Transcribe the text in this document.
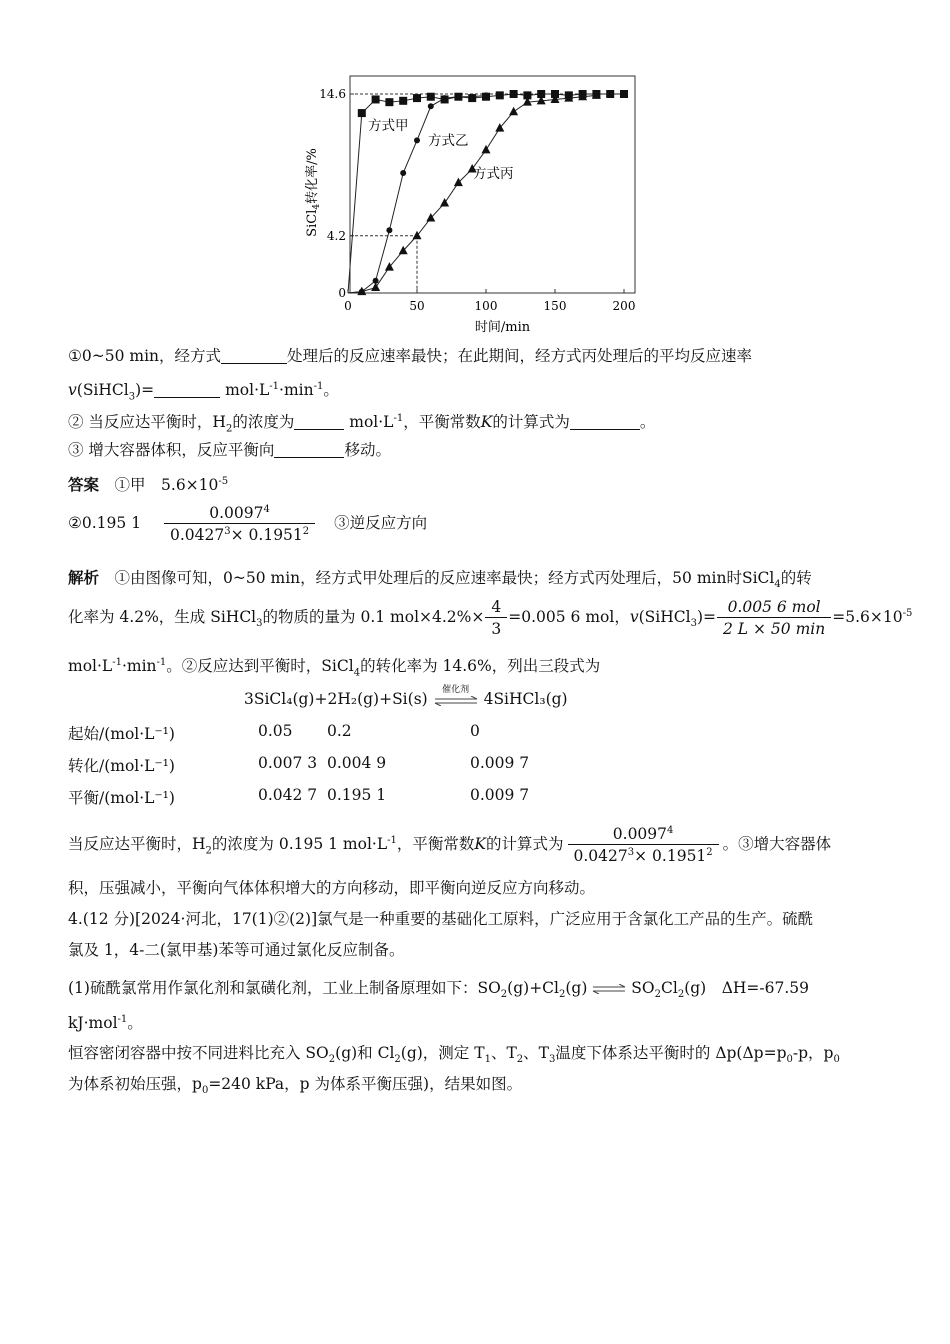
0	50	100	150	200
0
4.2
14.6
时间/min
SiCl$_4$转化率/%
方式甲
方式乙
方式丙
①0~50 min，经方式	处理后的反应速率最快；在此期间，经方式丙处理后的平均反应速率
v(SiHCl$_3$)=	$mol\cdot L^{-1}\cdot\min^{-1}$。
② 当反应达平衡时，$H_2$的浓度为	$mol\cdot L^{-1}$，平衡常数K的计算式为	。
③ 增大容器体积，反应平衡向	移动。
答案　 ①甲　$5.6\times 10^{-5}$
②0.195 $1 \frac{0.0097^4}{0.0427^3\times 0.1951^2}$ ③逆反应方向
解析　 ①由图像可知，0~50 min，经方式甲处理后的反应速率最快；经方式丙处理后，50 min时SiCl$_4$的转
化率为 4.2%，生成 SiHCl$_3$的物质的量为 0.1 $mol\times 4.2\%\times \frac{4}{3} =0.005$ 6 mol，v(SiHCl$_3$)= $\frac{\text{0.005 6 mol}}{2 L \times 50 \min} =5.6\times 10^{-5}$
$mol\cdot L^{-1}\cdot\min^{-1}$。②反应达到平衡时，SiCl$_4$的转化率为 14.6%，列出三段式为
3SiCl₄(g)+2H₂(g)+Si(s)	催化剂 4SiHCl₃(g)
起始/(mol·L⁻¹)	0.05 0.2	0
转化/(mol·L⁻¹)	0.007 3 0.004 9	0.009 7
平衡/(mol·L⁻¹)	0.042 7 0.195 1	0.009 7
当反应达平衡时，$H_2$的浓度为 0.195 1 $mol\cdot L^{-1}$，平衡常数K的计算式为 $\frac{0.0097^4}{0.0427^3\times 0.1951^2}$ 。③增大容器体
积，压强减小，平衡向气体体积增大的方向移动，即平衡向逆反应方向移动。
4.(12 分)[2024·河北，17(1)②(2)]氯气是一种重要的基础化工原料，广泛应用于含氯化工产品的生产。硫酰
氯及 1，4-二(氯甲基)苯等可通过氯化反应制备。
(1)硫酰氯常用作氯化剂和氯磺化剂，工业上制备原理如下：$SO_2(g)+Cl_2(g)$ ⇌ $SO_2Cl_2(g)$　ΔH=-67.59
kJ·mol$^{-1}$。
恒容密闭容器中按不同进料比充入 $SO_2(g)$和 $Cl_2(g)$，测定 $T_1$、$T_2$、$T_3$温度下体系达平衡时的 $\Delta p(\Delta p=p_0-p$，$p_0$
为体系初始压强，$p_0=240$ kPa，p 为体系平衡压强)，结果如图。
